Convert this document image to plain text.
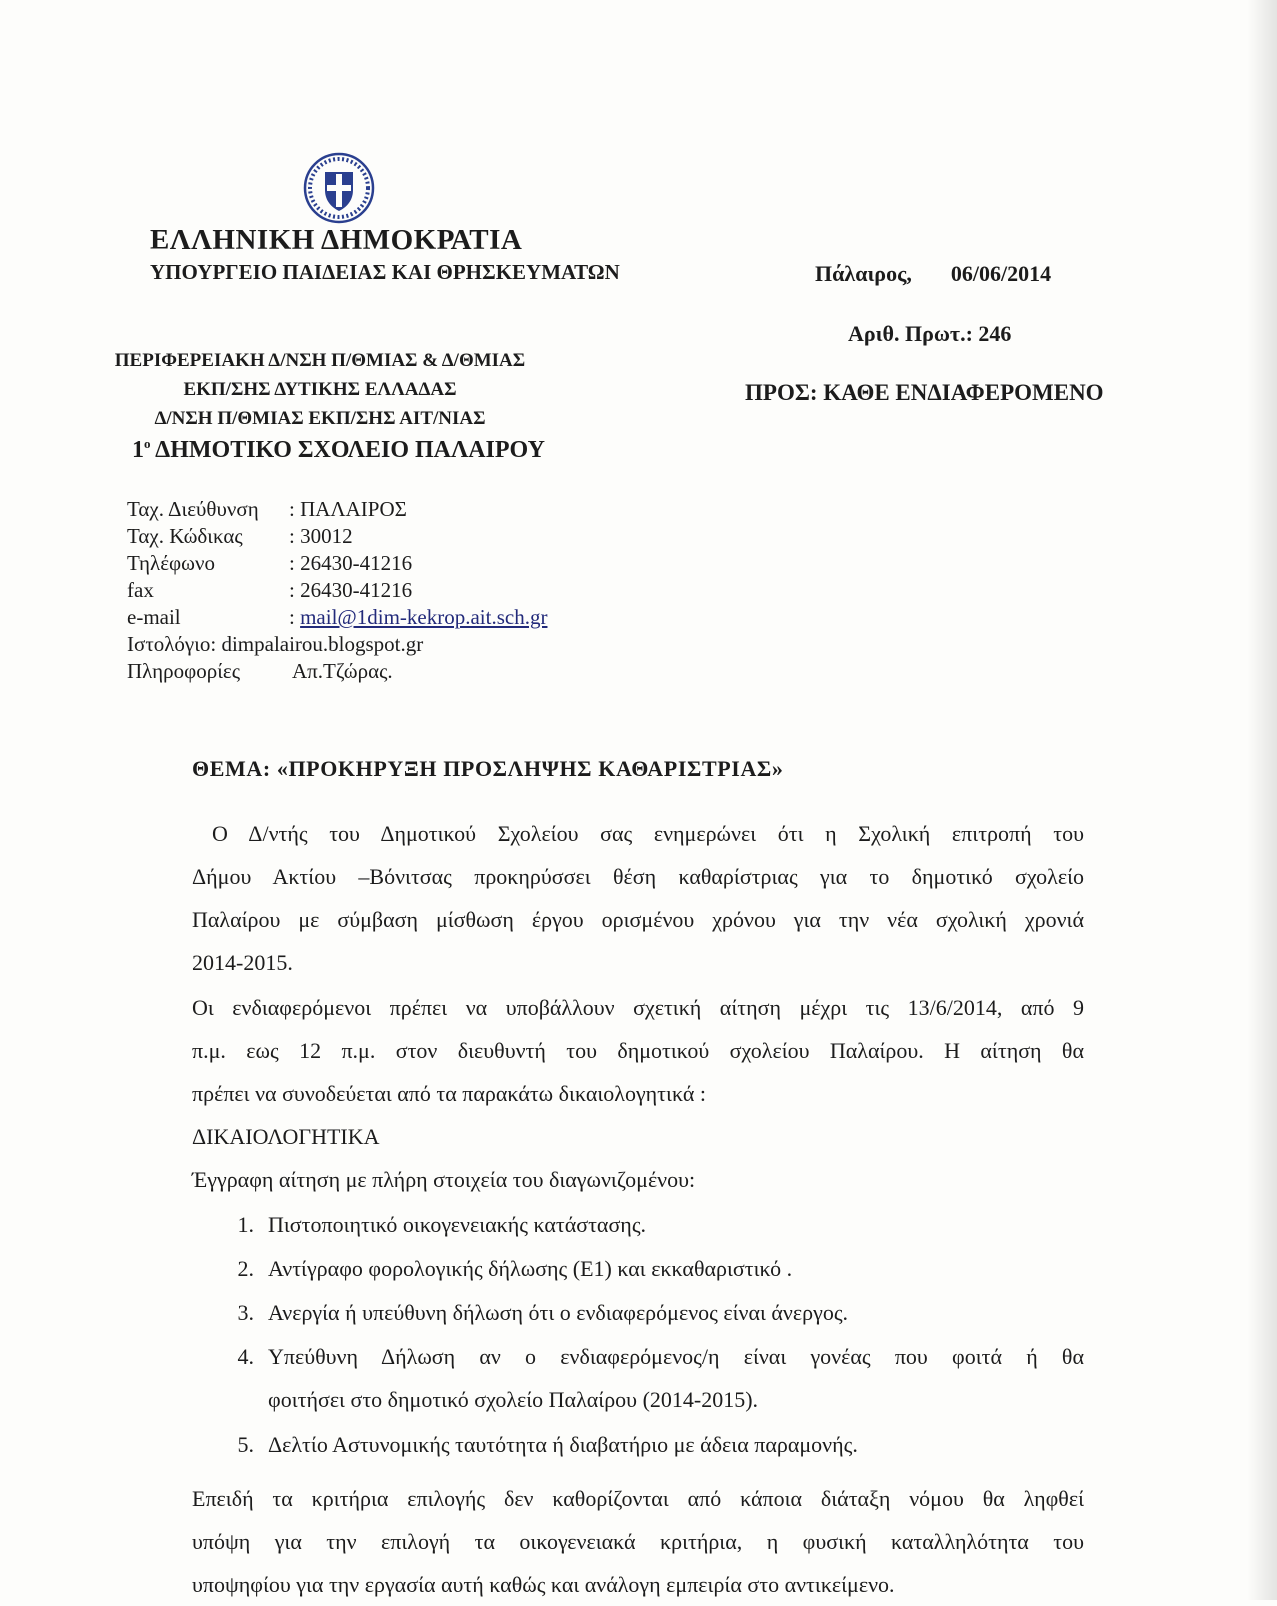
ΕΛΛΗΝΙΚΗ ΔΗΜΟΚΡΑΤΙΑ
ΥΠΟΥΡΓΕΙΟ ΠΑΙΔΕΙΑΣ ΚΑΙ ΘΡΗΣΚΕΥΜΑΤΩΝ
ΠΕΡΙΦΕΡΕΙΑΚΗ Δ/ΝΣΗ Π/ΘΜΙΑΣ & Δ/ΘΜΙΑΣ
ΕΚΠ/ΣΗΣ ΔΥΤΙΚΗΣ ΕΛΛΑΔΑΣ
Δ/ΝΣΗ Π/ΘΜΙΑΣ ΕΚΠ/ΣΗΣ ΑΙΤ/ΝΙΑΣ
$1^o$ ΔΗΜΟΤΙΚΟ ΣΧΟΛΕΙΟ ΠΑΛΑΙΡΟΥ
Πάλαιρος, 06/06/2014
Αριθ. Πρωτ.: 246
ΠΡΟΣ: ΚΑΘΕ ΕΝΔΙΑΦΕΡΟΜΕΝΟ
Ταχ. Διεύθυνση : ΠΑΛΑΙΡΟΣ
Ταχ. Κώδικας : 30012
Τηλέφωνο	: 26430-41216
fax	: 26430-41216
e-mail	: mail@1dim-kekrop.ait.sch.gr
Ιστολόγιο: dimpalairou.blogspot.gr
Πληροφορίες Απ.Τζώρας.
ΘΕΜΑ: «ΠΡΟΚΗΡΥΞΗ ΠΡΟΣΛΗΨΗΣ ΚΑΘΑΡΙΣΤΡΙΑΣ»
Ο Δ/ντής του Δημοτικού Σχολείου σας ενημερώνει ότι η Σχολική επιτροπή του
Δήμου Ακτίου –Βόνιτσας προκηρύσσει θέση καθαρίστριας για το δημοτικό σχολείο
Παλαίρου με σύμβαση μίσθωση έργου ορισμένου χρόνου για την νέα σχολική χρονιά
2014-2015.
Οι ενδιαφερόμενοι πρέπει να υποβάλλουν σχετική αίτηση μέχρι τις 13/6/2014, από 9
π.μ. εως 12 π.μ. στον διευθυντή του δημοτικού σχολείου Παλαίρου. Η αίτηση θα
πρέπει να συνοδεύεται από τα παρακάτω δικαιολογητικά :
ΔΙΚΑΙΟΛΟΓΗΤΙΚΑ
Έγγραφη αίτηση με πλήρη στοιχεία του διαγωνιζομένου:
1. Πιστοποιητικό οικογενειακής κατάστασης.
2. Αντίγραφο φορολογικής δήλωσης (Ε1) και εκκαθαριστικό .
3. Ανεργία ή υπεύθυνη δήλωση ότι ο ενδιαφερόμενος είναι άνεργος.
4. Υπεύθυνη Δήλωση αν ο ενδιαφερόμενος/η είναι γονέας που φοιτά ή θα
φοιτήσει στο δημοτικό σχολείο Παλαίρου (2014-2015).
5. Δελτίο Αστυνομικής ταυτότητα ή διαβατήριο με άδεια παραμονής.
Επειδή τα κριτήρια επιλογής δεν καθορίζονται από κάποια διάταξη νόμου θα ληφθεί
υπόψη για την επιλογή τα οικογενειακά κριτήρια, η φυσική καταλληλότητα του
υποψηφίου για την εργασία αυτή καθώς και ανάλογη εμπειρία στο αντικείμενο.
